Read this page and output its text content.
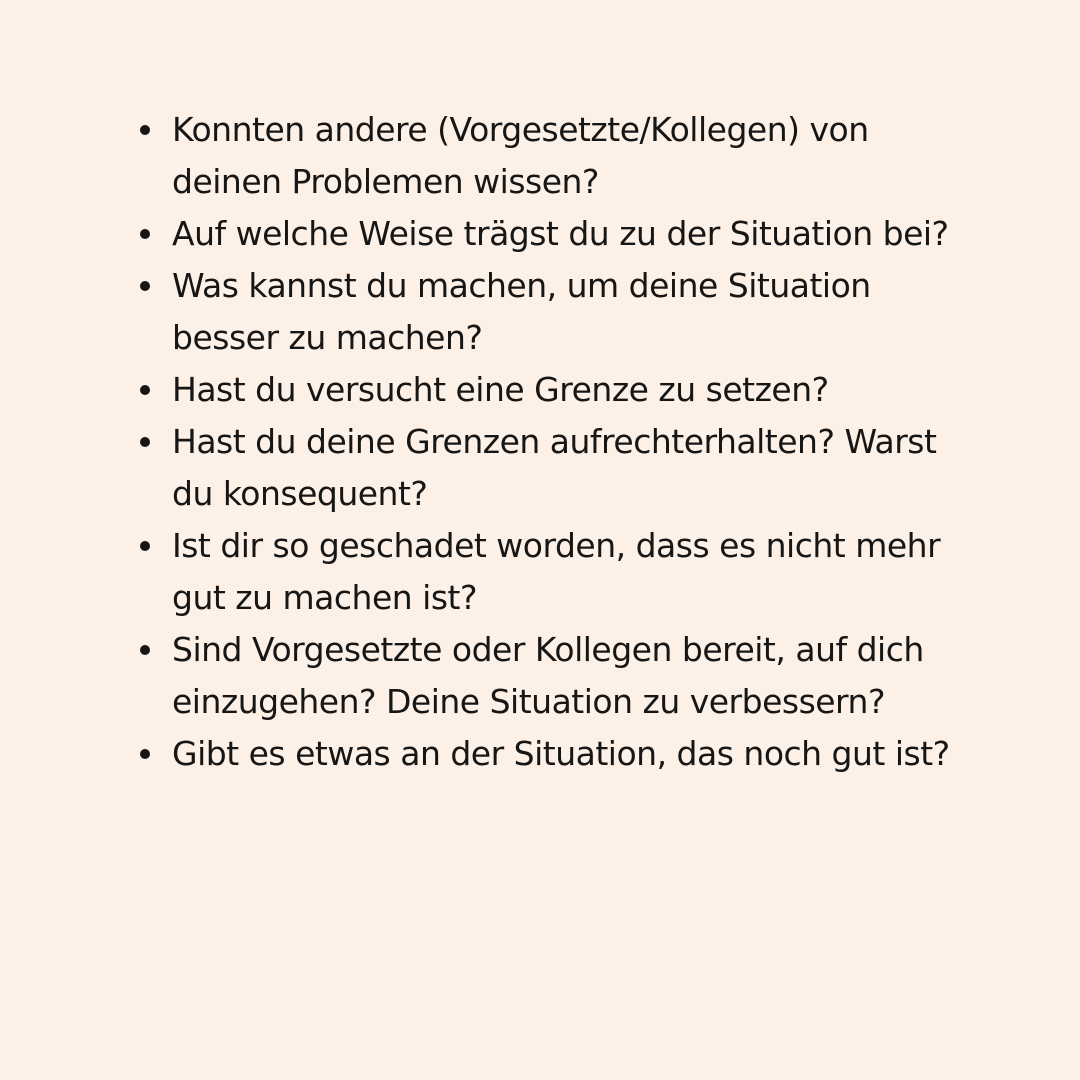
Konnten andere (Vorgesetzte/Kollegen) von deinen Problemen wissen?
Auf welche Weise trägst du zu der Situation bei?
Was kannst du machen, um deine Situation besser zu machen?
Hast du versucht eine Grenze zu setzen?
Hast du deine Grenzen aufrechterhalten? Warst du konsequent?
Ist dir so geschadet worden, dass es nicht mehr gut zu machen ist?
Sind Vorgesetzte oder Kollegen bereit, auf dich einzugehen? Deine Situation zu verbessern?
Gibt es etwas an der Situation, das noch gut ist?
